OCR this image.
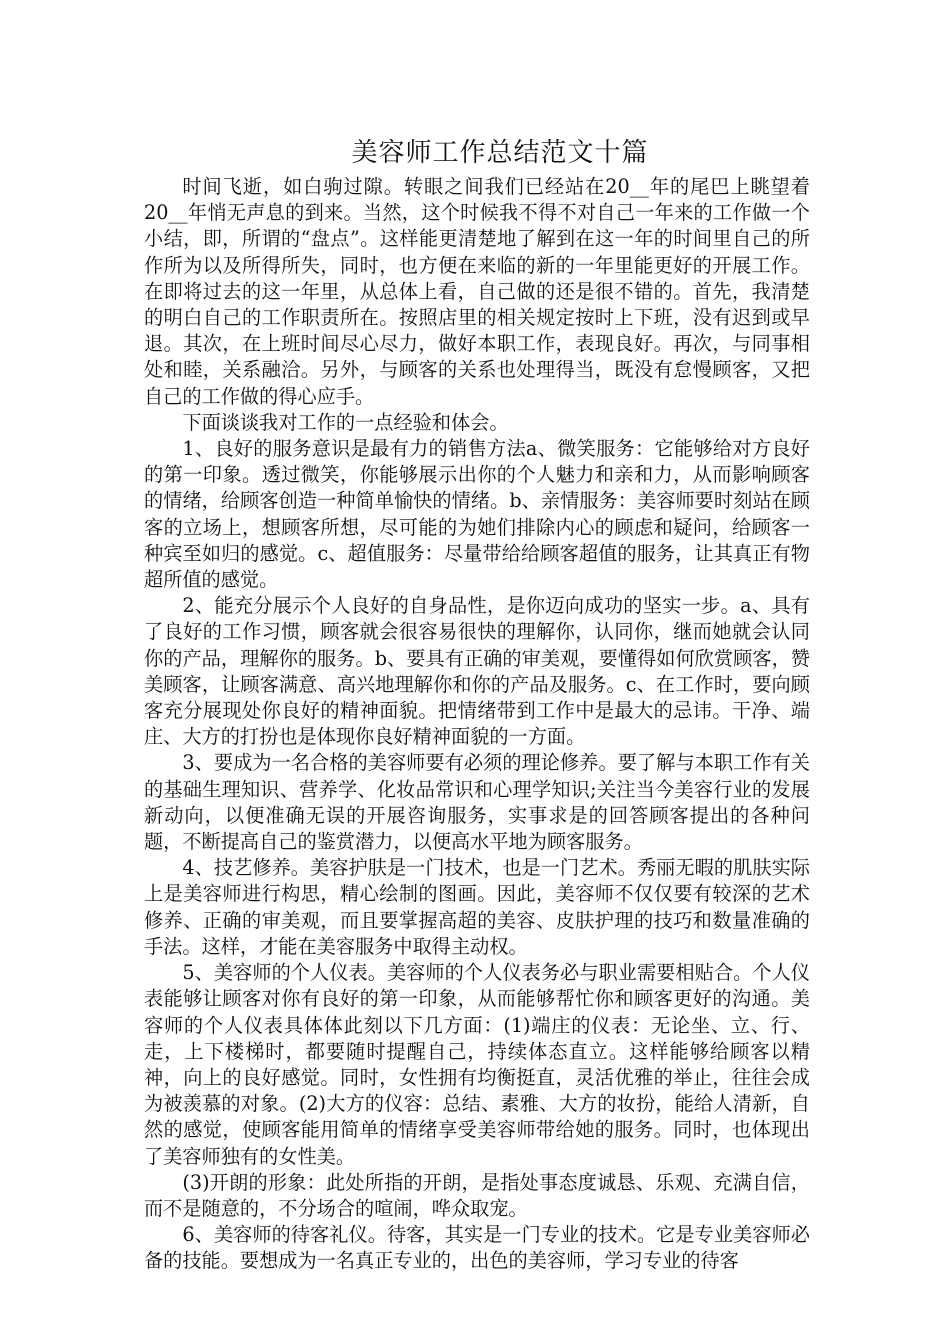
美容师工作总结范文十篇

时间飞逝，如白驹过隙。转眼之间我们已经站在20__年的尾巴上眺望着20__年悄无声息的到来。当然，这个时候我不得不对自己一年来的工作做一个小结，即，所谓的“盘点”。这样能更清楚地了解到在这一年的时间里自己的所作所为以及所得所失，同时，也方便在来临的新的一年里能更好的开展工作。在即将过去的这一年里，从总体上看，自己做的还是很不错的。首先，我清楚的明白自己的工作职责所在。按照店里的相关规定按时上下班，没有迟到或早退。其次，在上班时间尽心尽力，做好本职工作，表现良好。再次，与同事相处和睦，关系融洽。另外，与顾客的关系也处理得当，既没有怠慢顾客，又把自己的工作做的得心应手。

下面谈谈我对工作的一点经验和体会。

1、良好的服务意识是最有力的销售方法a、微笑服务：它能够给对方良好的第一印象。透过微笑，你能够展示出你的个人魅力和亲和力，从而影响顾客的情绪，给顾客创造一种简单愉快的情绪。b、亲情服务：美容师要时刻站在顾客的立场上，想顾客所想，尽可能的为她们排除内心的顾虑和疑问，给顾客一种宾至如归的感觉。c、超值服务：尽量带给给顾客超值的服务，让其真正有物超所值的感觉。

2、能充分展示个人良好的自身品性，是你迈向成功的坚实一步。a、具有了良好的工作习惯，顾客就会很容易很快的理解你，认同你，继而她就会认同你的产品，理解你的服务。b、要具有正确的审美观，要懂得如何欣赏顾客，赞美顾客，让顾客满意、高兴地理解你和你的产品及服务。c、在工作时，要向顾客充分展现处你良好的精神面貌。把情绪带到工作中是最大的忌讳。干净、端庄、大方的打扮也是体现你良好精神面貌的一方面。

3、要成为一名合格的美容师要有必须的理论修养。要了解与本职工作有关的基础生理知识、营养学、化妆品常识和心理学知识;关注当今美容行业的发展新动向，以便准确无误的开展咨询服务，实事求是的回答顾客提出的各种问题，不断提高自己的鉴赏潜力，以便高水平地为顾客服务。

4、技艺修养。美容护肤是一门技术，也是一门艺术。秀丽无暇的肌肤实际上是美容师进行构思，精心绘制的图画。因此，美容师不仅仅要有较深的艺术修养、正确的审美观，而且要掌握高超的美容、皮肤护理的技巧和数量准确的手法。这样，才能在美容服务中取得主动权。

5、美容师的个人仪表。美容师的个人仪表务必与职业需要相贴合。个人仪表能够让顾客对你有良好的第一印象，从而能够帮忙你和顾客更好的沟通。美容师的个人仪表具体体此刻以下几方面：(1)端庄的仪表：无论坐、立、行、走，上下楼梯时，都要随时提醒自己，持续体态直立。这样能够给顾客以精神，向上的良好感觉。同时，女性拥有均衡挺直，灵活优雅的举止，往往会成为被羡慕的对象。(2)大方的仪容：总结、素雅、大方的妆扮，能给人清新，自然的感觉，使顾客能用简单的情绪享受美容师带给她的服务。同时，也体现出了美容师独有的女性美。

(3)开朗的形象：此处所指的开朗，是指处事态度诚恳、乐观、充满自信，而不是随意的，不分场合的喧闹，哗众取宠。

6、美容师的待客礼仪。待客，其实是一门专业的技术。它是专业美容师必备的技能。要想成为一名真正专业的，出色的美容师，学习专业的待客
